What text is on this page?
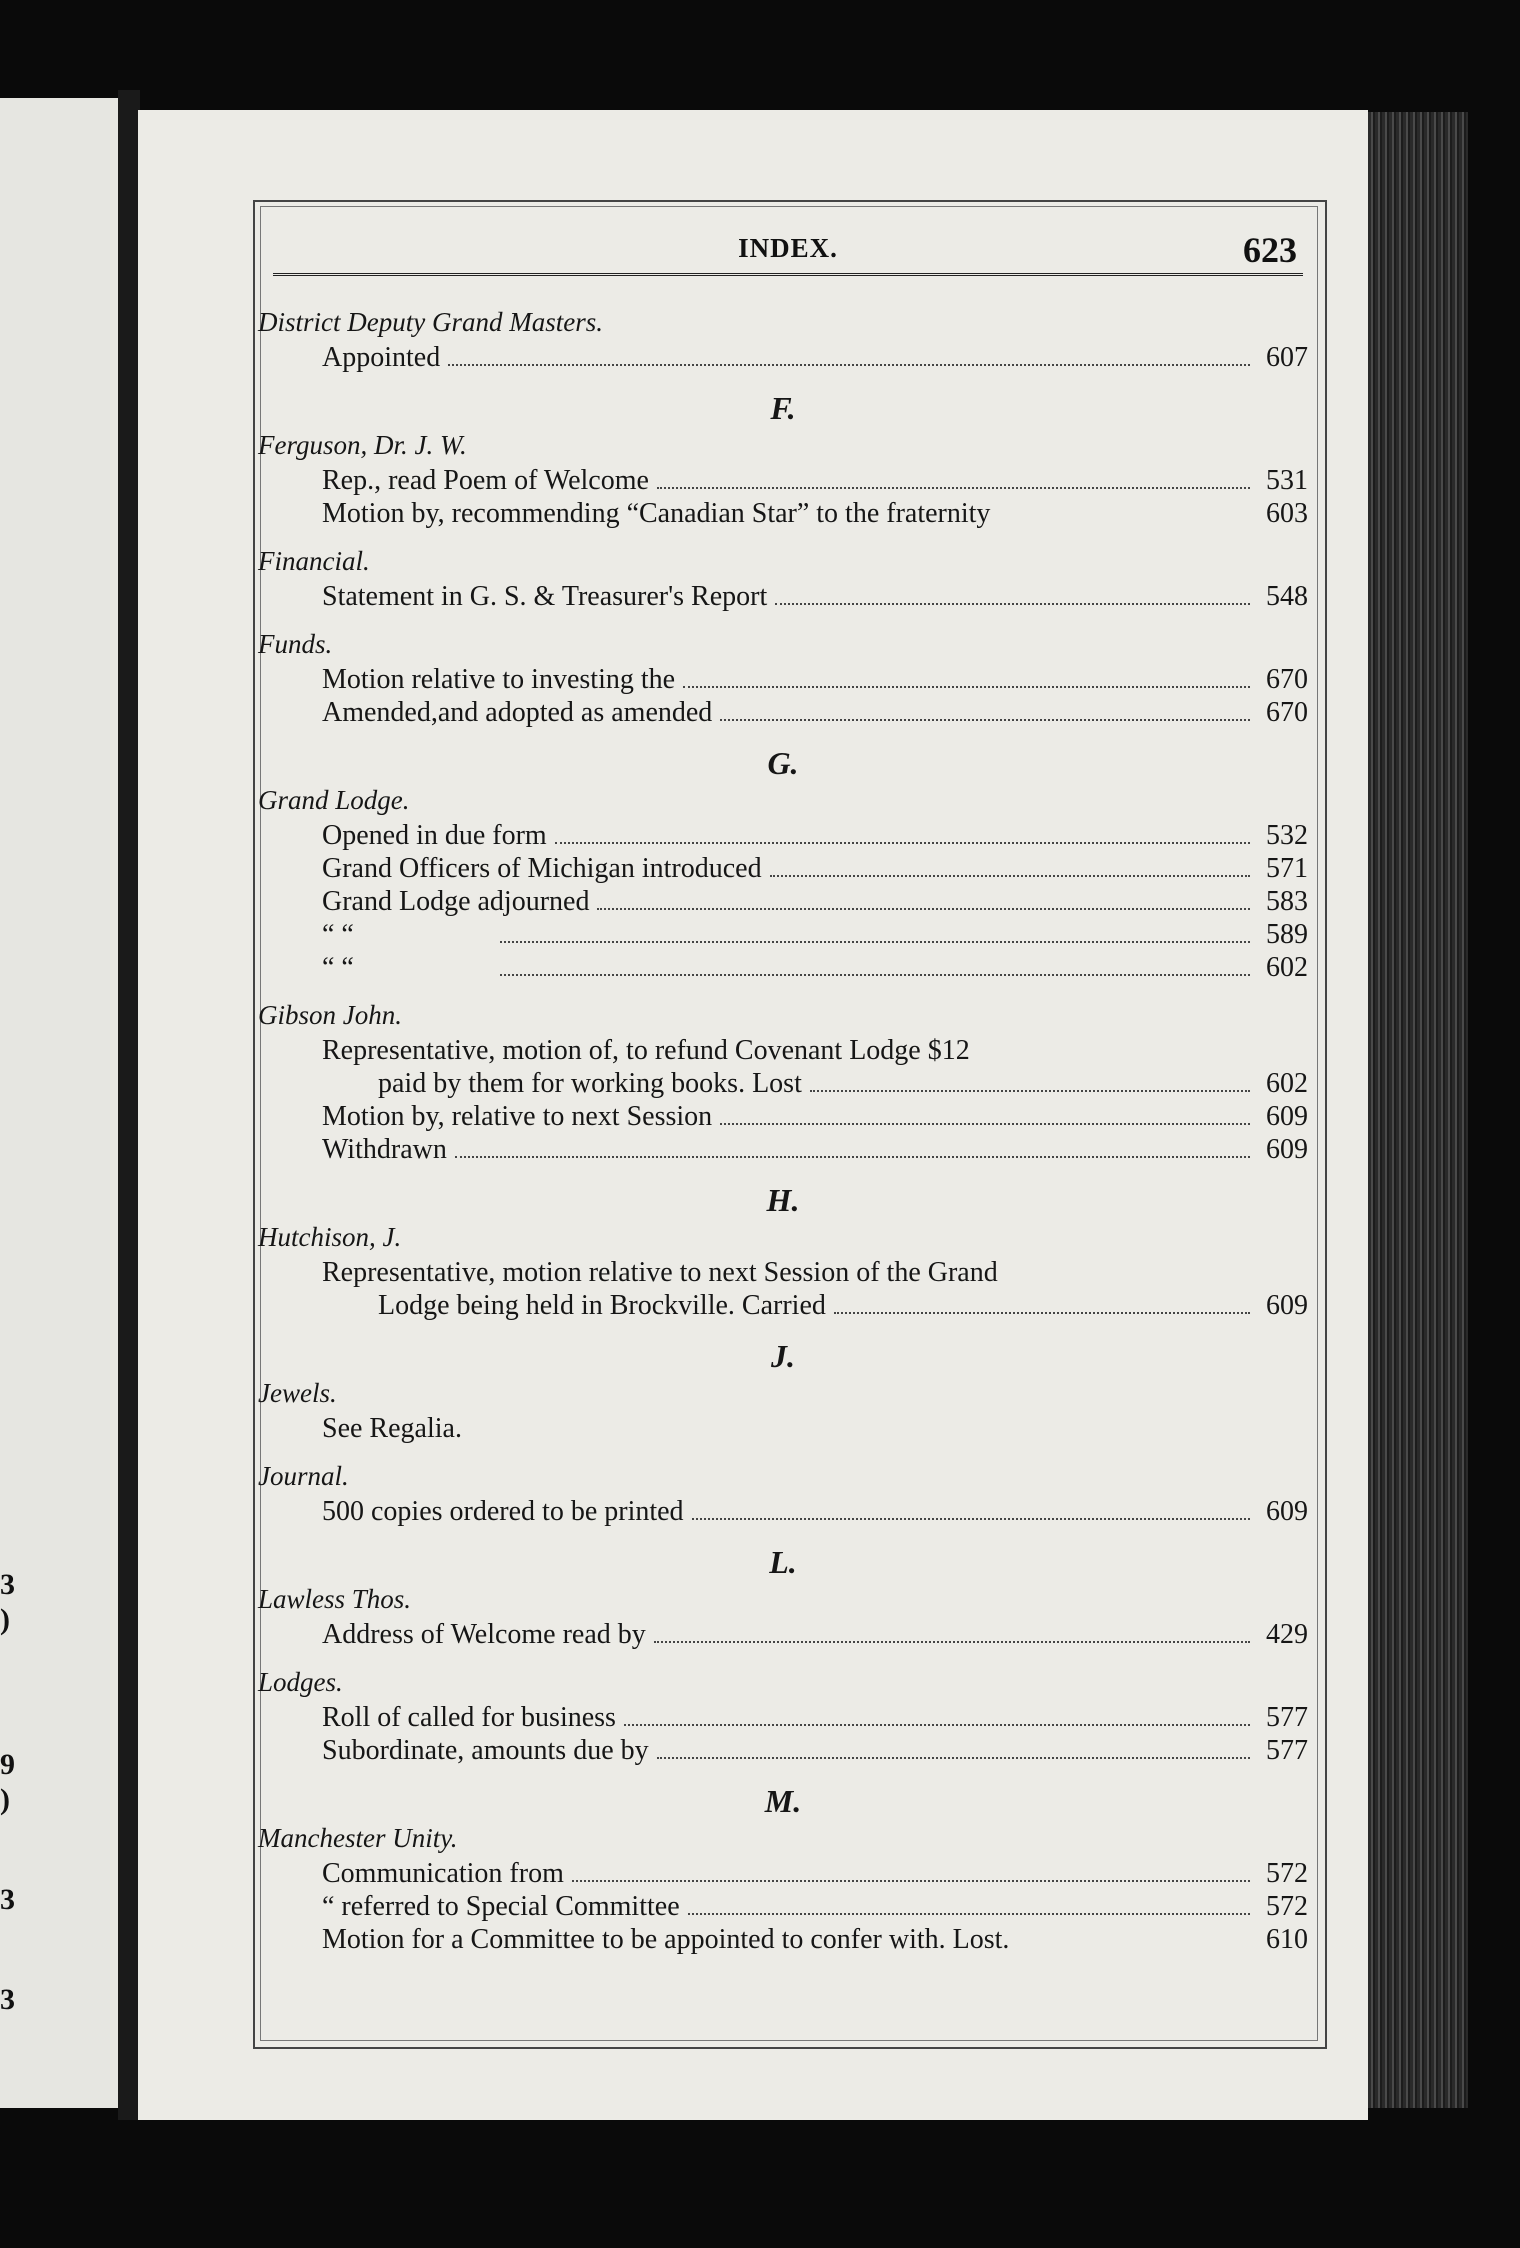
3
)
9
)
3
3
INDEX.	623
District Deputy Grand Masters.
Appointed	607
F.
Ferguson, Dr. J. W.
Rep., read Poem of Welcome	531
Motion by, recommending “Canadian Star” to the fraternity	603
Financial.
Statement in G. S. & Treasurer's Report	548
Funds.
Motion relative to investing the	670
Amended,and adopted as amended	670
G.
Grand Lodge.
Opened in due form	532
Grand Officers of Michigan introduced	571
Grand Lodge adjourned	583
“ “	589
“ “	602
Gibson John.
Representative, motion of, to refund Covenant Lodge $12
paid by them for working books. Lost	602
Motion by, relative to next Session	609
Withdrawn	609
H.
Hutchison, J.
Representative, motion relative to next Session of the Grand
Lodge being held in Brockville. Carried	609
J.
Jewels.
See Regalia.
Journal.
500 copies ordered to be printed	609
L.
Lawless Thos.
Address of Welcome read by	429
Lodges.
Roll of called for business	577
Subordinate, amounts due by	577
M.
Manchester Unity.
Communication from	572
“ referred to Special Committee	572
Motion for a Committee to be appointed to confer with. Lost.	610
